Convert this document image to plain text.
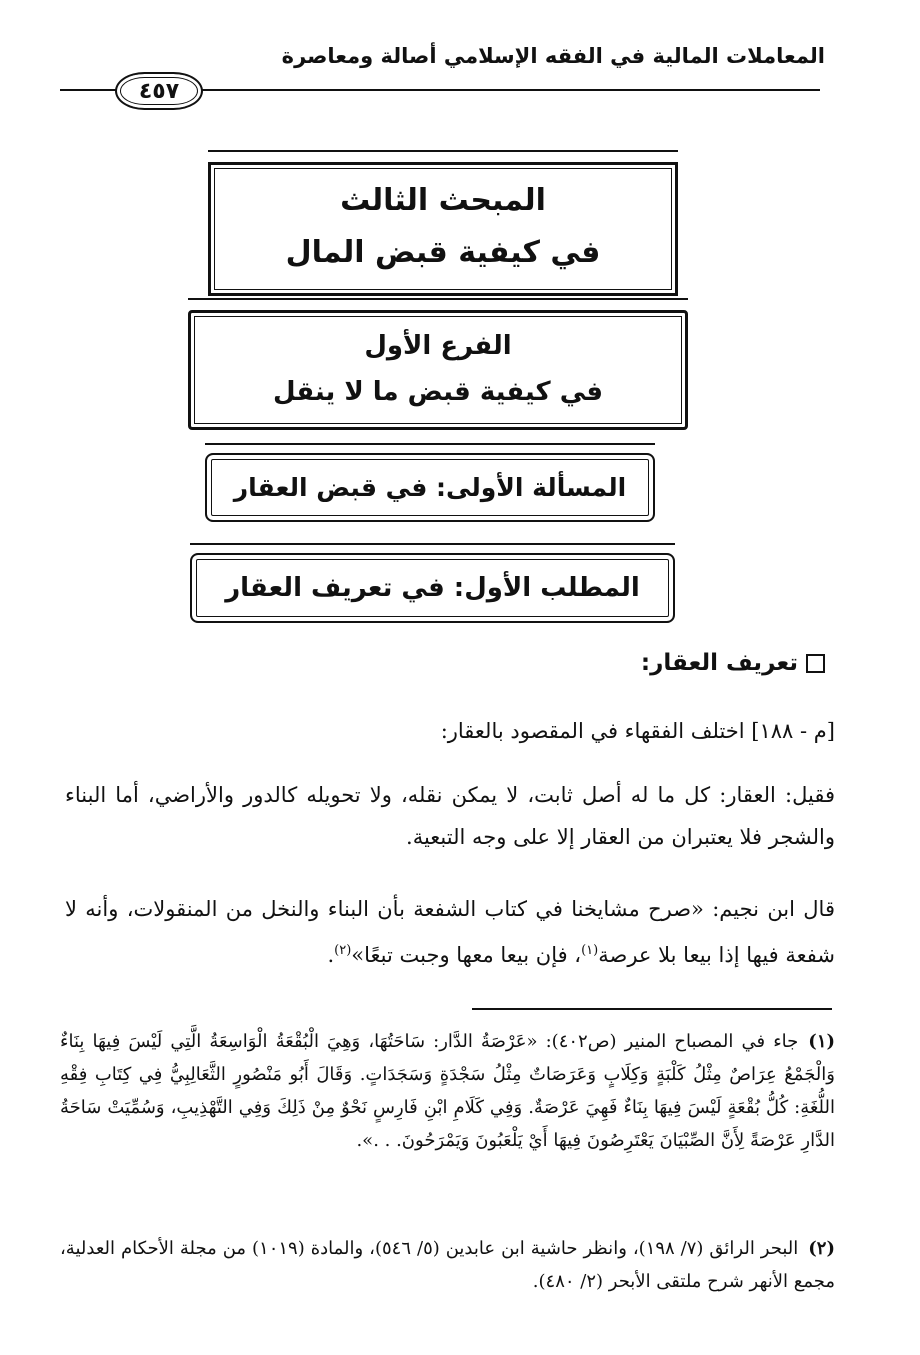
المعاملات المالية في الفقه الإسلامي أصالة ومعاصرة
٤٥٧
المبحث الثالث
في كيفية قبض المال
الفرع الأول
في كيفية قبض ما لا ينقل
المسألة الأولى: في قبض العقار
المطلب الأول: في تعريف العقار
تعريف العقار:
[م - ١٨٨] اختلف الفقهاء في المقصود بالعقار:
فقيل: العقار: كل ما له أصل ثابت، لا يمكن نقله، ولا تحويله كالدور والأراضي، أما البناء والشجر فلا يعتبران من العقار إلا على وجه التبعية.
قال ابن نجيم: «صرح مشايخنا في كتاب الشفعة بأن البناء والنخل من المنقولات، وأنه لا شفعة فيها إذا بيعا بلا عرصة$^{(١)}$، فإن بيعا معها وجبت تبعًا»$^{(٢)}$.
(١)جاء في المصباح المنير (ص٤٠٢): «عَرْصَةُ الدَّار: سَاحَتُهَا، وَهِيَ الْبُقْعَةُ الْوَاسِعَةُ الَّتِي لَيْسَ فِيهَا بِنَاءٌ وَالْجَمْعُ عِرَاصٌ مِثْلُ كَلْبَةٍ وَكِلَابٍ وَعَرَصَاتٌ مِثْلُ سَجْدَةٍ وَسَجَدَاتٍ. وَقَالَ أَبُو مَنْصُورٍ الثَّعَالِبِيُّ فِي كِتَابِ فِقْهِ اللُّغَةِ: كُلُّ بُقْعَةٍ لَيْسَ فِيهَا بِنَاءٌ فَهِيَ عَرْصَةٌ. وَفِي كَلَامِ ابْنِ فَارِسٍ نَحْوٌ مِنْ ذَلِكَ وَفِي التَّهْذِيبِ، وَسُمِّيَتْ سَاحَةُ الدَّارِ عَرْصَةً لِأَنَّ الصِّبْيَانَ يَعْتَرِصُونَ فِيهَا أَيْ يَلْعَبُونَ وَيَمْرَحُونَ. . .».
(٢)البحر الرائق (٧/ ١٩٨)، وانظر حاشية ابن عابدين (٥/ ٥٤٦)، والمادة (١٠١٩) من مجلة الأحكام العدلية، مجمع الأنهر شرح ملتقى الأبحر (٢/ ٤٨٠).
